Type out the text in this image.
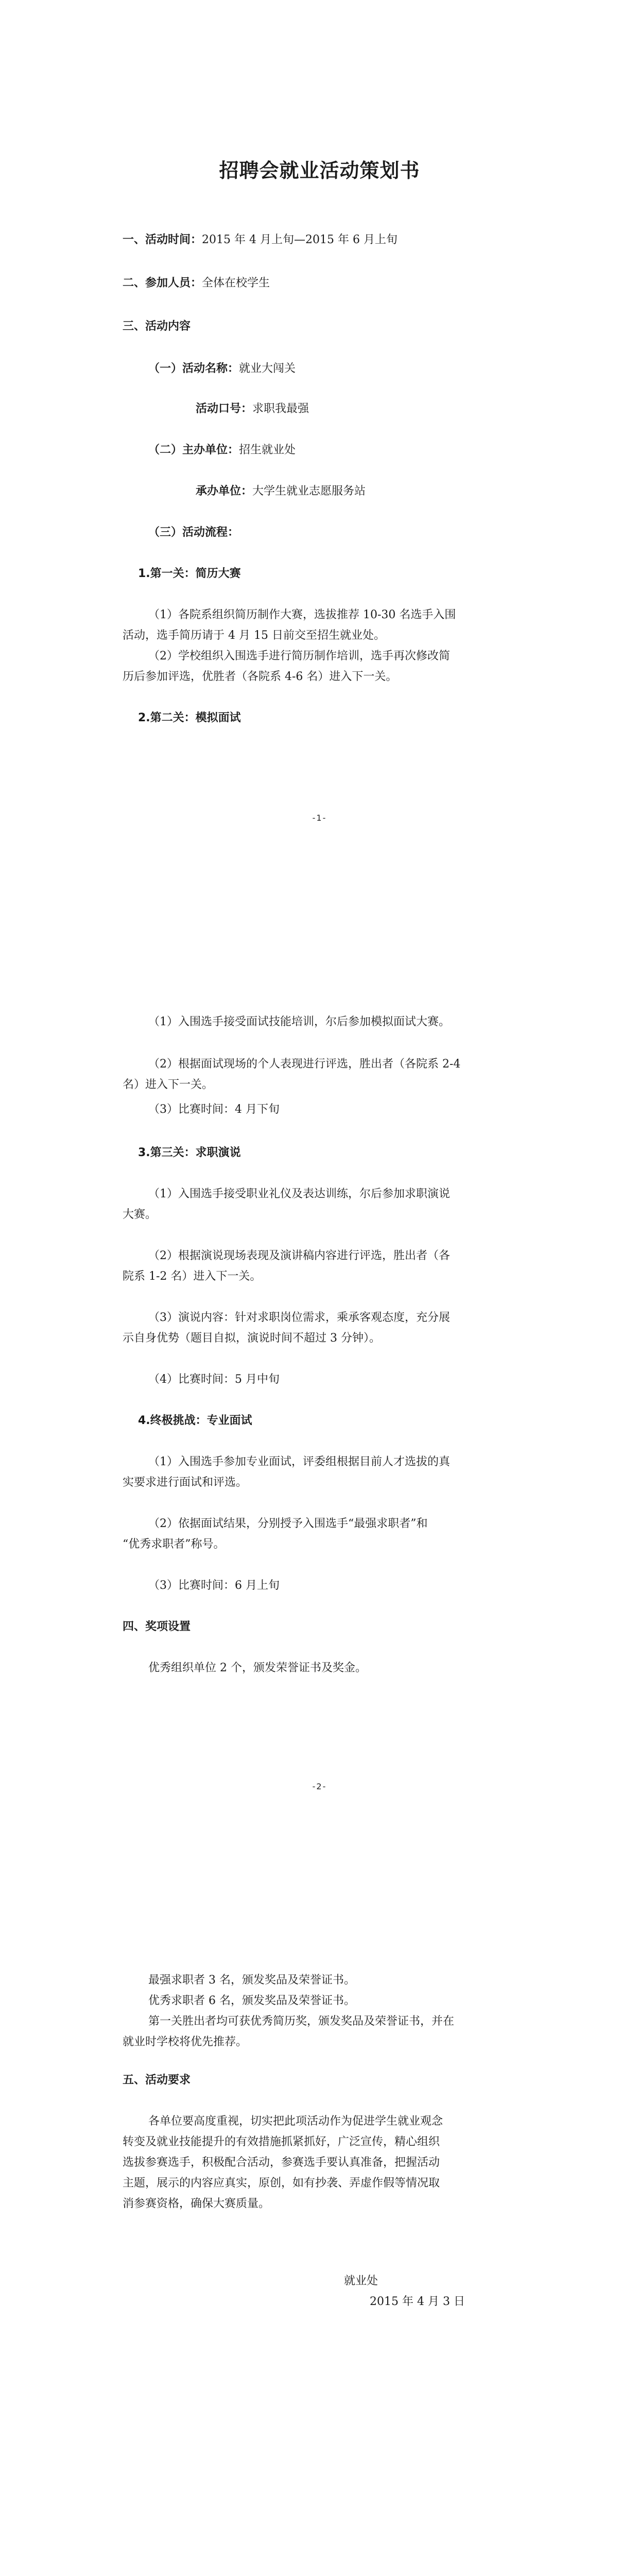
招聘会就业活动策划书
一、活动时间：2015 年 4 月上旬—2015 年 6 月上旬
二、参加人员：全体在校学生
三、活动内容
（一）活动名称：就业大闯关
活动口号：求职我最强
（二）主办单位：招生就业处
承办单位：大学生就业志愿服务站
（三）活动流程：
1.第一关：简历大赛
（1）各院系组织简历制作大赛，选拔推荐 10-30 名选手入围
活动，选手简历请于 4 月 15 日前交至招生就业处。
（2）学校组织入围选手进行简历制作培训，选手再次修改简
历后参加评选，优胜者（各院系 4-6 名）进入下一关。
2.第二关：模拟面试
-1-
（1）入围选手接受面试技能培训，尔后参加模拟面试大赛。
（2）根据面试现场的个人表现进行评选，胜出者（各院系 2-4
名）进入下一关。
（3）比赛时间：4 月下旬
3.第三关：求职演说
（1）入围选手接受职业礼仪及表达训练，尔后参加求职演说
大赛。
（2）根据演说现场表现及演讲稿内容进行评选，胜出者（各
院系 1-2 名）进入下一关。
（3）演说内容：针对求职岗位需求，乘承客观态度，充分展
示自身优势（题目自拟，演说时间不超过 3 分钟）。
（4）比赛时间：5 月中旬
4.终极挑战：专业面试
（1）入围选手参加专业面试，评委组根据目前人才选拔的真
实要求进行面试和评选。
（2）依据面试结果，分别授予入围选手“最强求职者”和
“优秀求职者”称号。
（3）比赛时间：6 月上旬
四、奖项设置
优秀组织单位 2 个，颁发荣誉证书及奖金。
-2-
最强求职者 3 名，颁发奖品及荣誉证书。
优秀求职者 6 名，颁发奖品及荣誉证书。
第一关胜出者均可获优秀简历奖，颁发奖品及荣誉证书，并在
就业时学校将优先推荐。
五、活动要求
各单位要高度重视，切实把此项活动作为促进学生就业观念
转变及就业技能提升的有效措施抓紧抓好，广泛宣传，精心组织
选拔参赛选手，积极配合活动，参赛选手要认真准备，把握活动
主题，展示的内容应真实，原创，如有抄袭、弄虚作假等情况取
消参赛资格，确保大赛质量。
就业处
2015 年 4 月 3 日
